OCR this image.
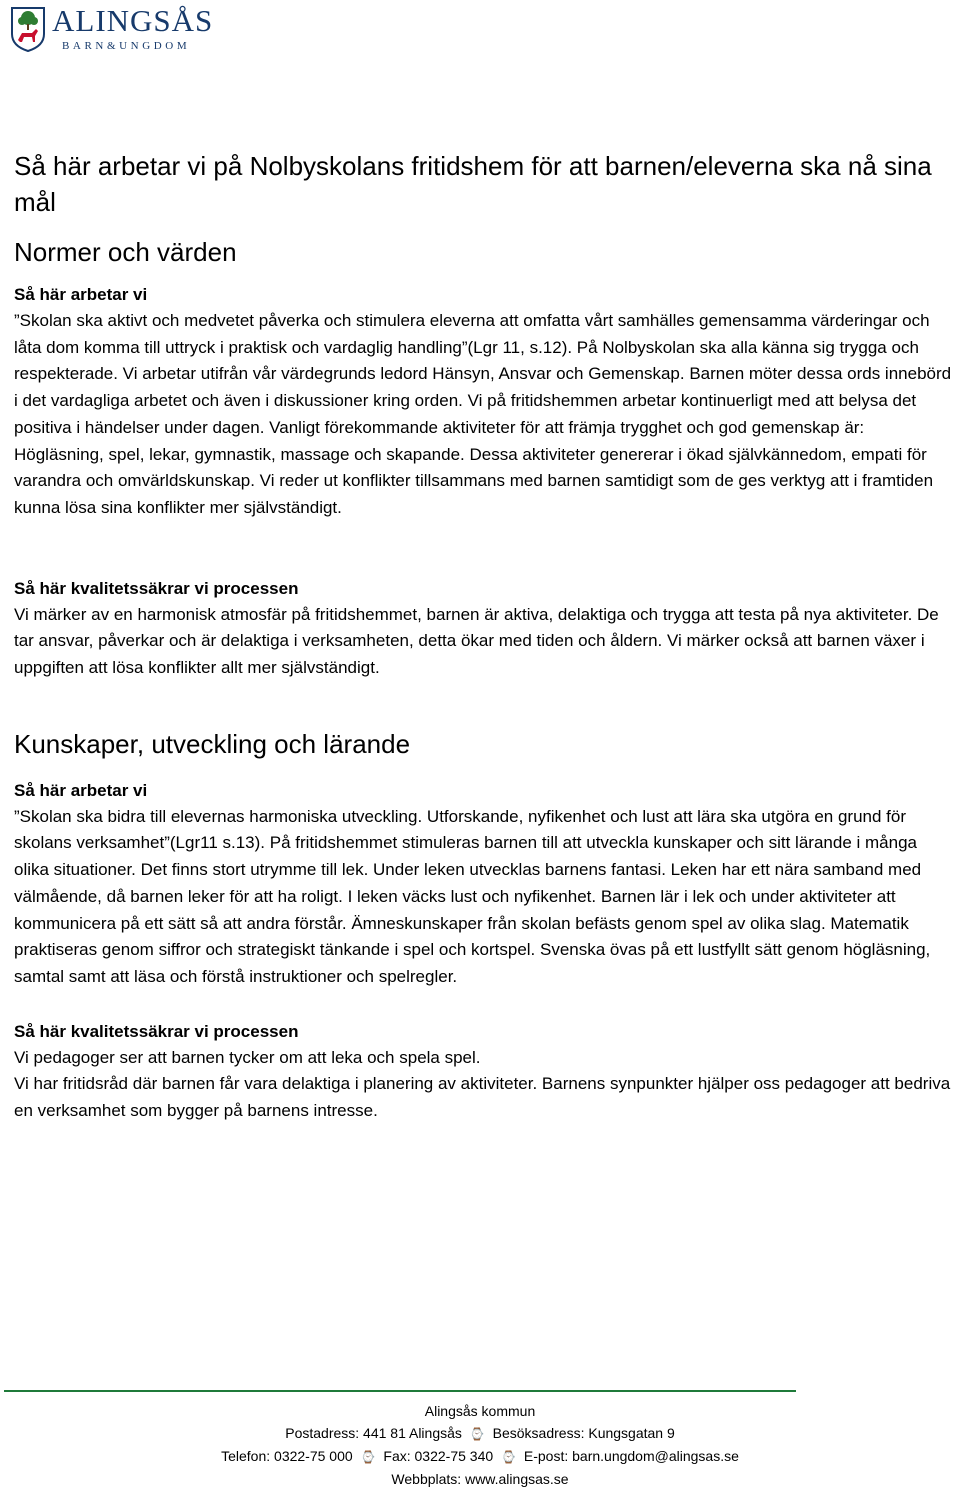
ALINGSÅS
BARN&UNGDOM
Så här arbetar vi på Nolbyskolans fritidshem för att barnen/eleverna ska nå sina mål
Normer och värden
Så här arbetar vi

”Skolan ska aktivt och medvetet påverka och stimulera eleverna att omfatta vårt samhälles gemensamma värderingar och låta dom komma till uttryck i praktisk och vardaglig handling”(Lgr 11, s.12). På Nolbyskolan ska alla känna sig trygga och respekterade. Vi arbetar utifrån vår värdegrunds ledord Hänsyn, Ansvar och Gemenskap. Barnen möter dessa ords innebörd i det vardagliga arbetet och även i diskussioner kring orden. Vi på fritidshemmen arbetar kontinuerligt med att belysa det positiva i händelser under dagen. Vanligt förekommande aktiviteter för att främja trygghet och god gemenskap är: Högläsning, spel, lekar, gymnastik, massage och skapande. Dessa aktiviteter genererar i ökad självkännedom, empati för varandra och omvärldskunskap. Vi reder ut konflikter tillsammans med barnen samtidigt som de ges verktyg att i framtiden kunna lösa sina konflikter mer självständigt.

Så här kvalitetssäkrar vi processen

Vi märker av en harmonisk atmosfär på fritidshemmet, barnen är aktiva, delaktiga och trygga att testa på nya aktiviteter. De tar ansvar, påverkar och är delaktiga i verksamheten, detta ökar med tiden och åldern. Vi märker också att barnen växer i uppgiften att lösa konflikter allt mer självständigt.

Kunskaper, utveckling och lärande
Så här arbetar vi

”Skolan ska bidra till elevernas harmoniska utveckling. Utforskande, nyfikenhet och lust att lära ska utgöra en grund för skolans verksamhet”(Lgr11 s.13). På fritidshemmet stimuleras barnen till att utveckla kunskaper och sitt lärande i många olika situationer. Det finns stort utrymme till lek. Under leken utvecklas barnens fantasi. Leken har ett nära samband med välmående, då barnen leker för att ha roligt. I leken väcks lust och nyfikenhet. Barnen lär i lek och under aktiviteter att kommunicera på ett sätt så att andra förstår. Ämneskunskaper från skolan befästs genom spel av olika slag. Matematik praktiseras genom siffror och strategiskt tänkande i spel och kortspel. Svenska övas på ett lustfyllt sätt genom högläsning, samtal samt att läsa och förstå instruktioner och spelregler.

Så här kvalitetssäkrar vi processen

Vi pedagoger ser att barnen tycker om att leka och spela spel.

Vi har fritidsråd där barnen får vara delaktiga i planering av aktiviteter. Barnens synpunkter hjälper oss pedagoger att bedriva en verksamhet som bygger på barnens intresse.

Alingsås kommun
Postadress: 441 81 Alingsås ⌚ Besöksadress: Kungsgatan 9
Telefon: 0322-75 000 ⌚ Fax: 0322-75 340 ⌚ E-post: barn.ungdom@alingsas.se
Webbplats: www.alingsas.se
